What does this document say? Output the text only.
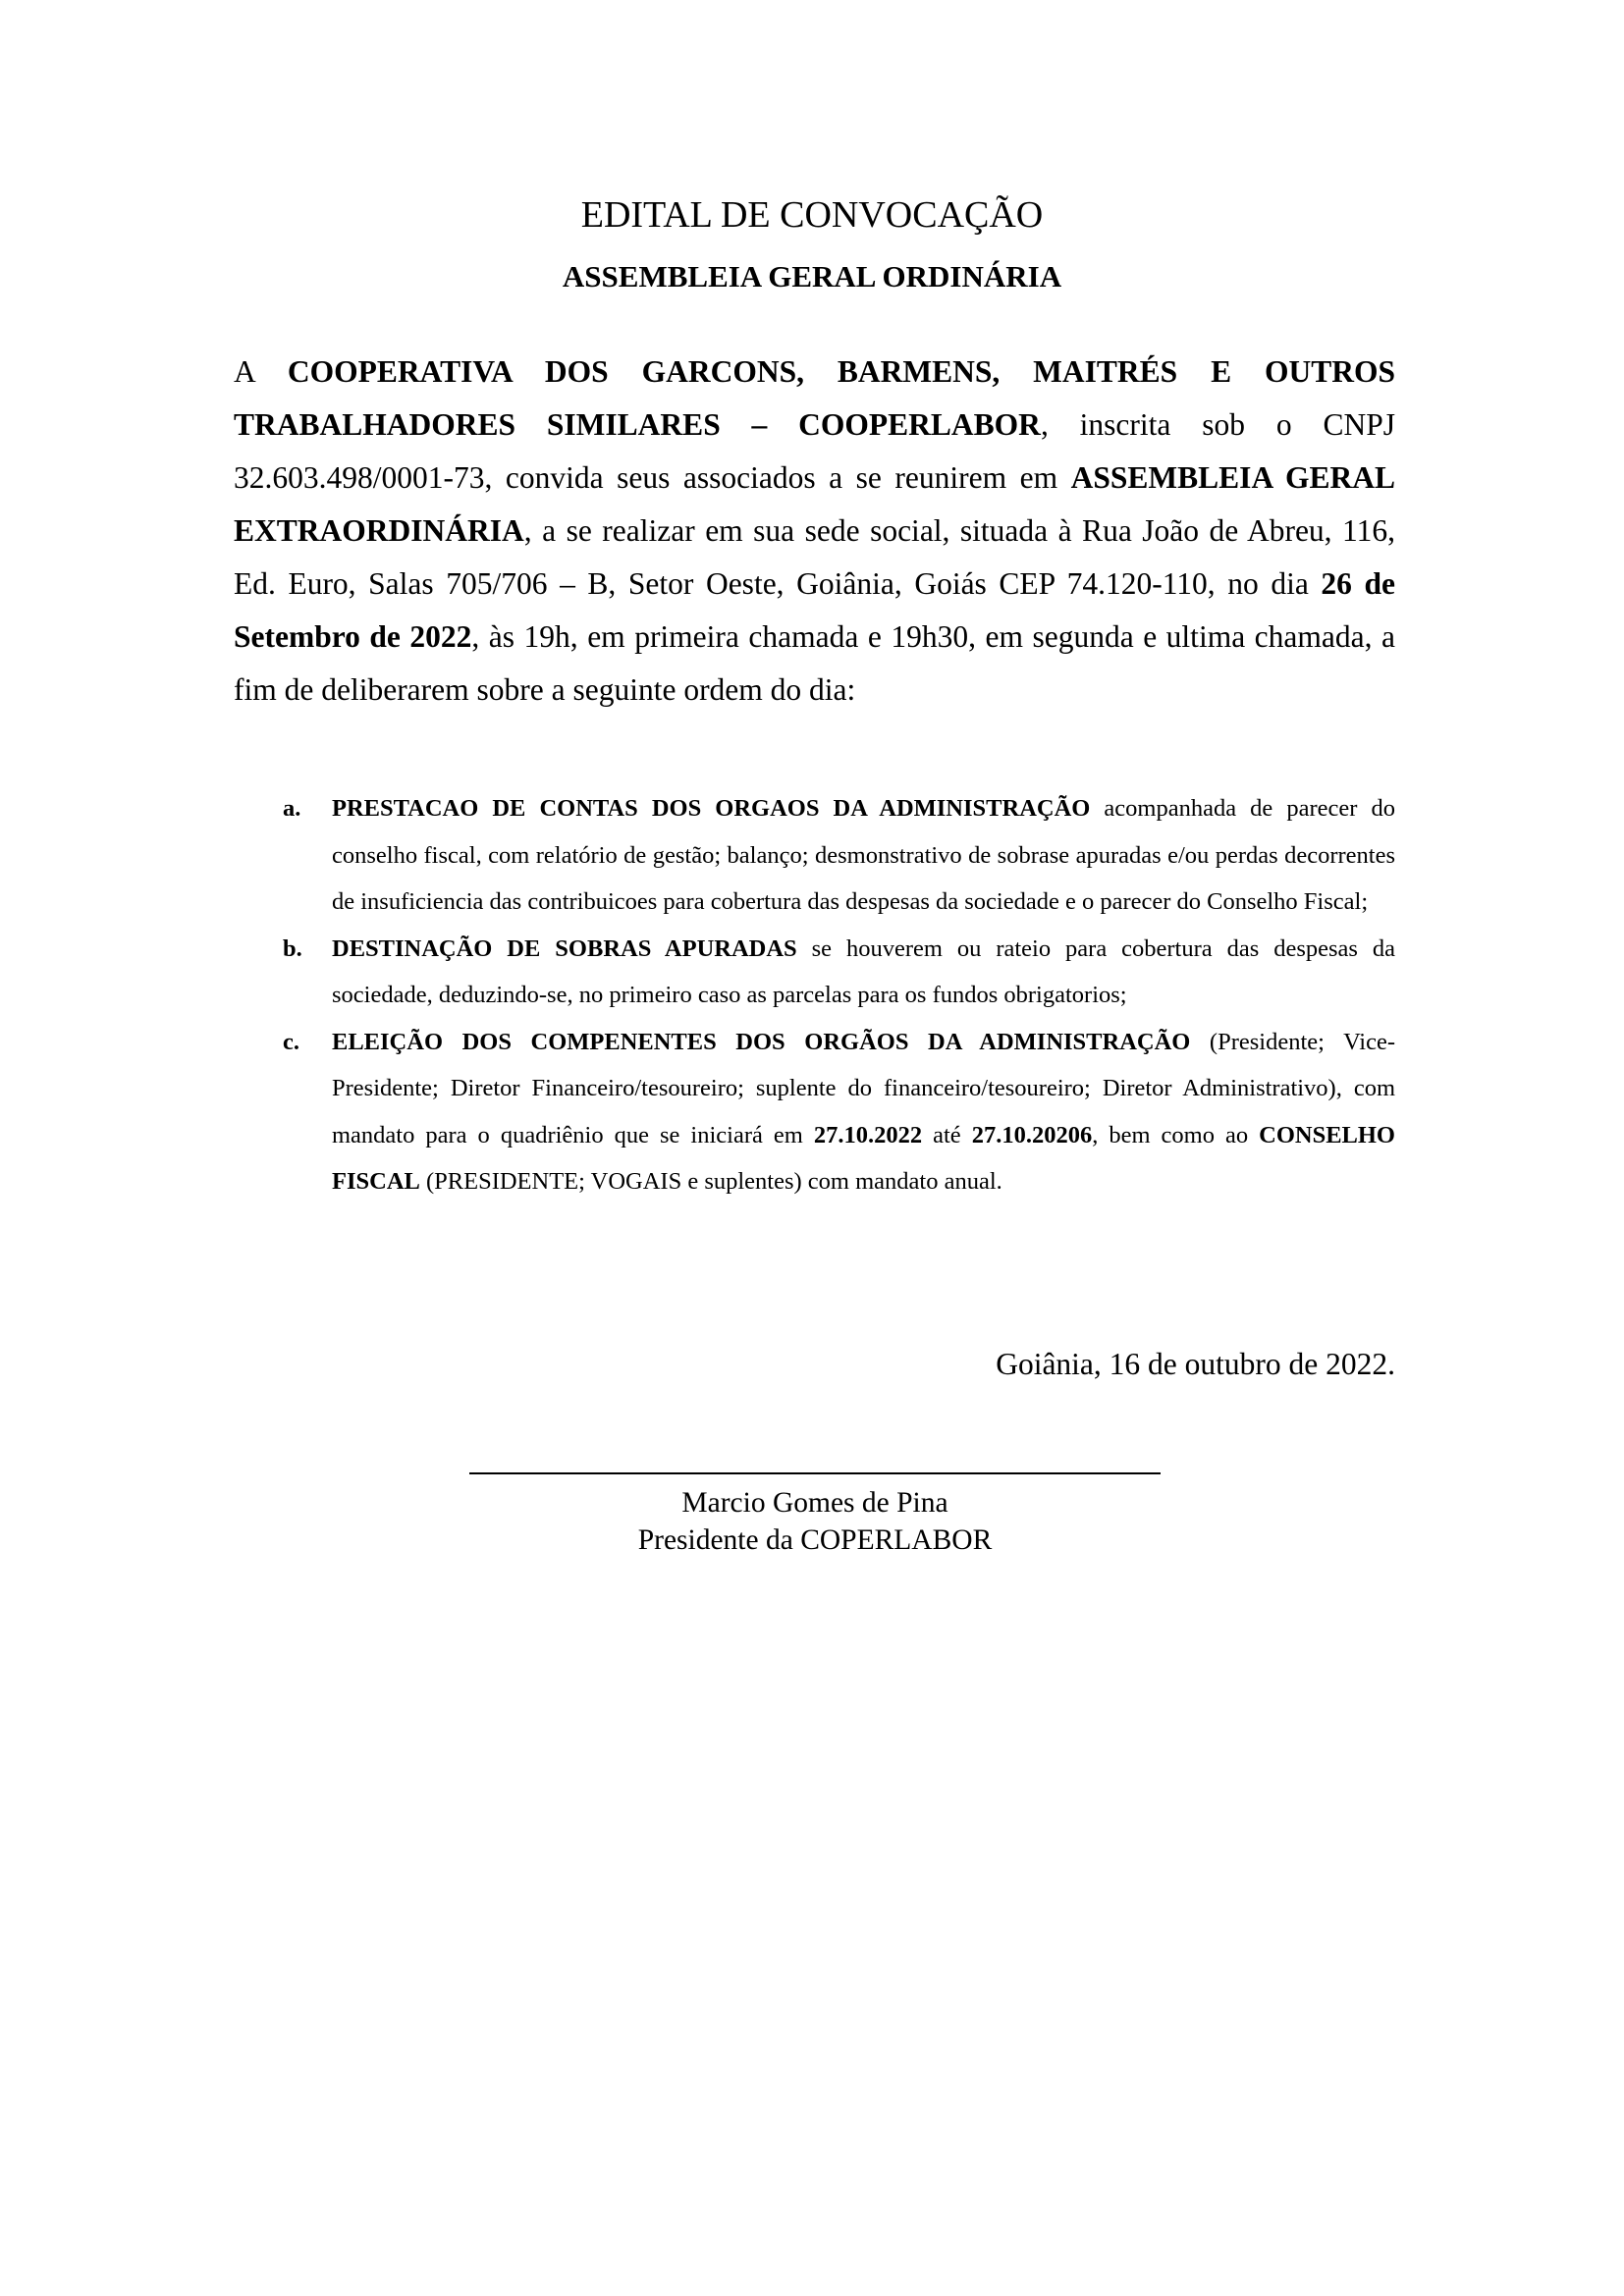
EDITAL DE CONVOCAÇÃO
ASSEMBLEIA GERAL ORDINÁRIA

A COOPERATIVA DOS GARCONS, BARMENS, MAITRÉS E OUTROS TRABALHADORES SIMILARES – COOPERLABOR, inscrita sob o CNPJ 32.603.498/0001-73, convida seus associados a se reunirem em ASSEMBLEIA GERAL EXTRAORDINÁRIA, a se realizar em sua sede social, situada à Rua João de Abreu, 116, Ed. Euro, Salas 705/706 – B, Setor Oeste, Goiânia, Goiás CEP 74.120-110, no dia 26 de Setembro de 2022, às 19h, em primeira chamada e 19h30, em segunda e ultima chamada, a fim de deliberarem sobre a seguinte ordem do dia:

a. PRESTACAO DE CONTAS DOS ORGAOS DA ADMINISTRAÇÃO acompanhada de parecer do conselho fiscal, com relatório de gestão; balanço; desmonstrativo de sobrase apuradas e/ou perdas decorrentes de insuficiencia das contribuicoes para cobertura das despesas da sociedade e o parecer do Conselho Fiscal;
b. DESTINAÇÃO DE SOBRAS APURADAS se houverem ou rateio para cobertura das despesas da sociedade, deduzindo-se, no primeiro caso as parcelas para os fundos obrigatorios;
c. ELEIÇÃO DOS COMPENENTES DOS ORGÃOS DA ADMINISTRAÇÃO (Presidente; Vice-Presidente; Diretor Financeiro/tesoureiro; suplente do financeiro/tesoureiro; Diretor Administrativo), com mandato para o quadriênio que se iniciará em 27.10.2022 até 27.10.20206, bem como ao CONSELHO FISCAL (PRESIDENTE; VOGAIS e suplentes) com mandato anual.

Goiânia, 16 de outubro de 2022.

Marcio Gomes de Pina

Presidente da COPERLABOR
